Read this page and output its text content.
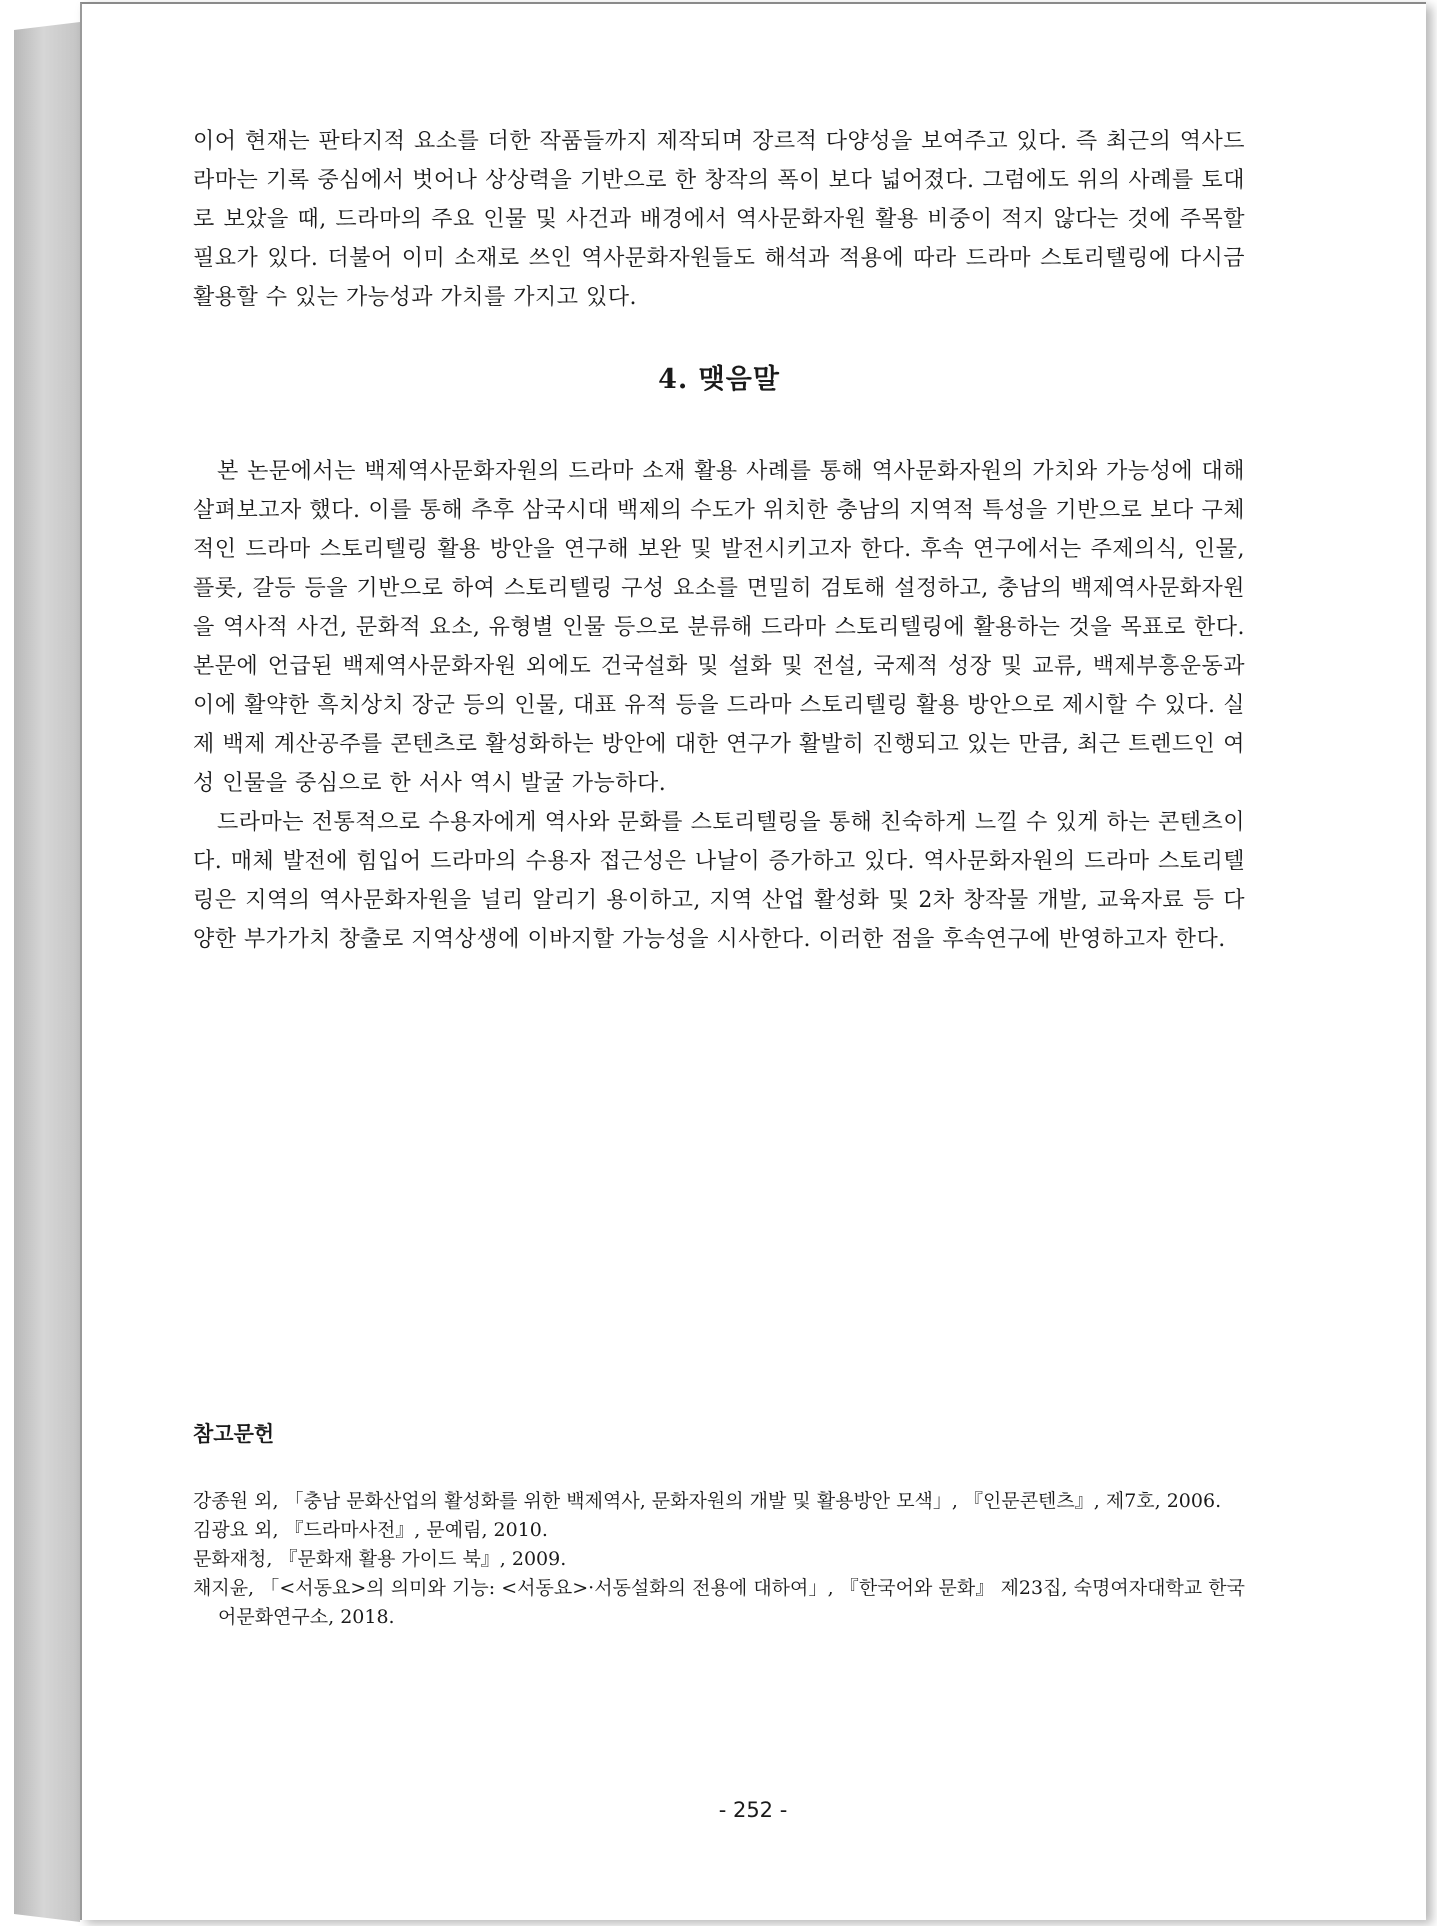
이어 현재는 판타지적 요소를 더한 작품들까지 제작되며 장르적 다양성을 보여주고 있다. 즉 최근의 역사드라마는 기록 중심에서 벗어나 상상력을 기반으로 한 창작의 폭이 보다 넓어졌다. 그럼에도 위의 사례를 토대로 보았을 때, 드라마의 주요 인물 및 사건과 배경에서 역사문화자원 활용 비중이 적지 않다는 것에 주목할 필요가 있다. 더불어 이미 소재로 쓰인 역사문화자원들도 해석과 적용에 따라 드라마 스토리텔링에 다시금 활용할 수 있는 가능성과 가치를 가지고 있다.

4. 맺음말

본 논문에서는 백제역사문화자원의 드라마 소재 활용 사례를 통해 역사문화자원의 가치와 가능성에 대해 살펴보고자 했다. 이를 통해 추후 삼국시대 백제의 수도가 위치한 충남의 지역적 특성을 기반으로 보다 구체적인 드라마 스토리텔링 활용 방안을 연구해 보완 및 발전시키고자 한다. 후속 연구에서는 주제의식, 인물, 플롯, 갈등 등을 기반으로 하여 스토리텔링 구성 요소를 면밀히 검토해 설정하고, 충남의 백제역사문화자원을 역사적 사건, 문화적 요소, 유형별 인물 등으로 분류해 드라마 스토리텔링에 활용하는 것을 목표로 한다. 본문에 언급된 백제역사문화자원 외에도 건국설화 및 설화 및 전설, 국제적 성장 및 교류, 백제부흥운동과 이에 활약한 흑치상치 장군 등의 인물, 대표 유적 등을 드라마 스토리텔링 활용 방안으로 제시할 수 있다. 실제 백제 계산공주를 콘텐츠로 활성화하는 방안에 대한 연구가 활발히 진행되고 있는 만큼, 최근 트렌드인 여성 인물을 중심으로 한 서사 역시 발굴 가능하다.

드라마는 전통적으로 수용자에게 역사와 문화를 스토리텔링을 통해 친숙하게 느낄 수 있게 하는 콘텐츠이다. 매체 발전에 힘입어 드라마의 수용자 접근성은 나날이 증가하고 있다. 역사문화자원의 드라마 스토리텔링은 지역의 역사문화자원을 널리 알리기 용이하고, 지역 산업 활성화 및 2차 창작물 개발, 교육자료 등 다양한 부가가치 창출로 지역상생에 이바지할 가능성을 시사한다. 이러한 점을 후속연구에 반영하고자 한다.

참고문헌
강종원 외, 「충남 문화산업의 활성화를 위한 백제역사, 문화자원의 개발 및 활용방안 모색」, 『인문콘텐츠』, 제7호, 2006.
김광요 외, 『드라마사전』, 문예림, 2010.
문화재청, 『문화재 활용 가이드 북』, 2009.
채지윤, 「<서동요>의 의미와 기능: <서동요>·서동설화의 전용에 대하여」, 『한국어와 문화』 제23집, 숙명여자대학교 한국어문화연구소, 2018.
- 252 -
